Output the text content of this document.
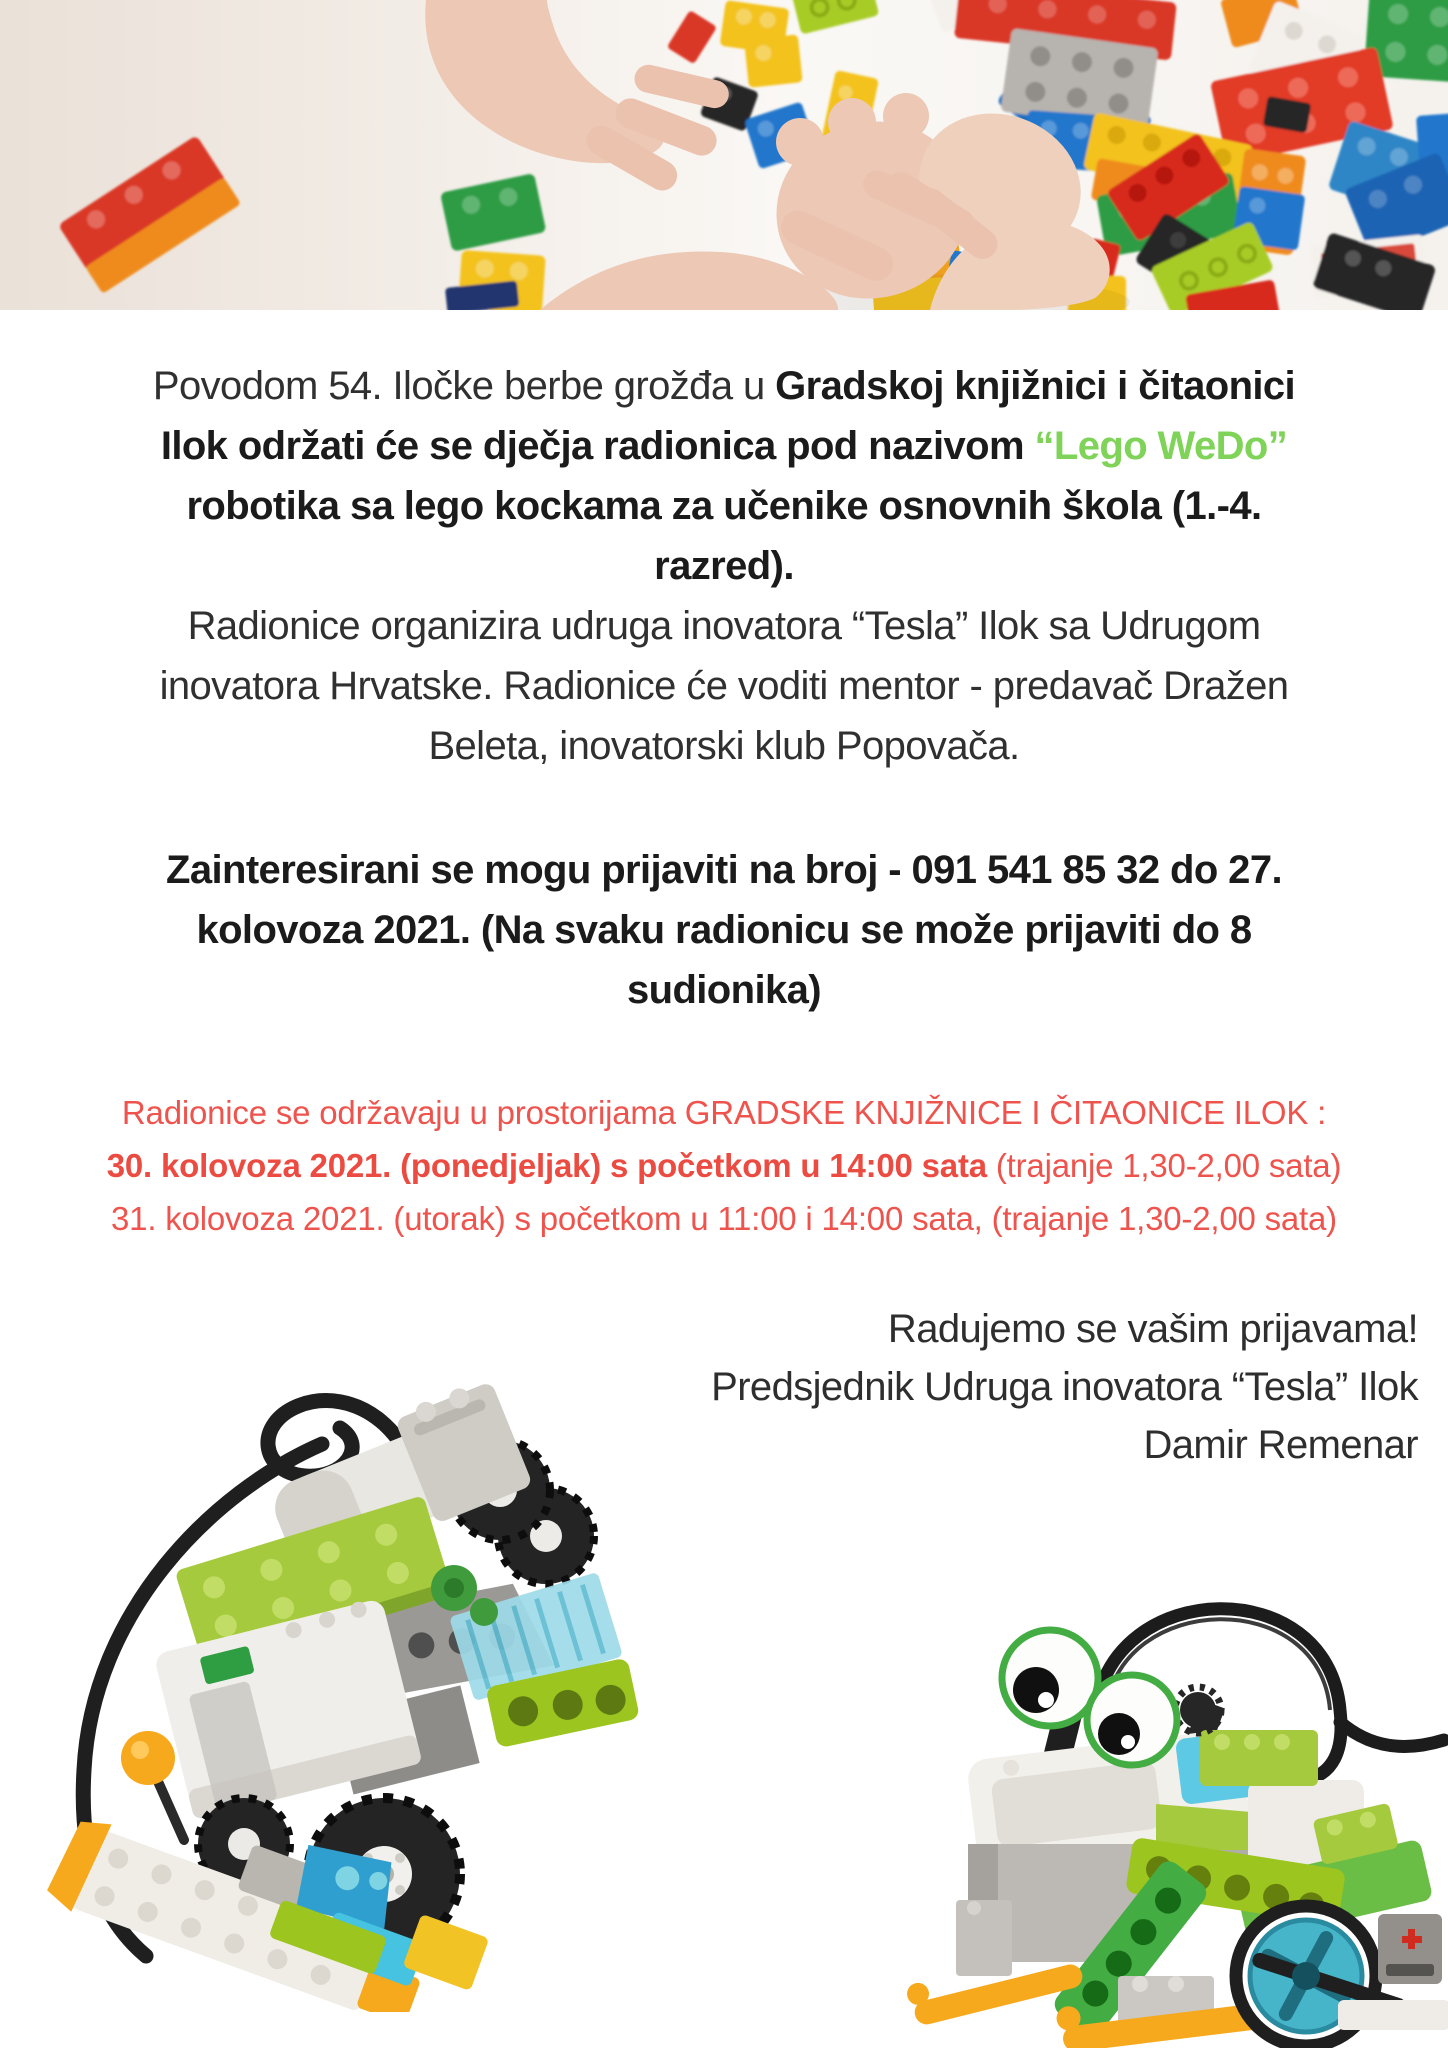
Povodom 54. Iločke berbe grožđa u Gradskoj knjižnici i čitaonici
Ilok održati će se dječja radionica pod nazivom “Lego WeDo”
robotika sa lego kockama za učenike osnovnih škola (1.-4.
razred).
Radionice organizira udruga inovatora “Tesla” Ilok sa Udrugom
inovatora Hrvatske. Radionice će voditi mentor - predavač Dražen
Beleta, inovatorski klub Popovača.
Zainteresirani se mogu prijaviti na broj - 091 541 85 32 do 27.
kolovoza 2021. (Na svaku radionicu se može prijaviti do 8
sudionika)
Radionice se održavaju u prostorijama GRADSKE KNJIŽNICE I ČITAONICE ILOK :
30. kolovoza 2021. (ponedjeljak) s početkom u 14:00 sata (trajanje 1,30-2,00 sata)
31. kolovoza 2021. (utorak) s početkom u 11:00 i 14:00 sata, (trajanje 1,30-2,00 sata)
Radujemo se vašim prijavama!
Predsjednik Udruga inovatora “Tesla” Ilok
Damir Remenar
